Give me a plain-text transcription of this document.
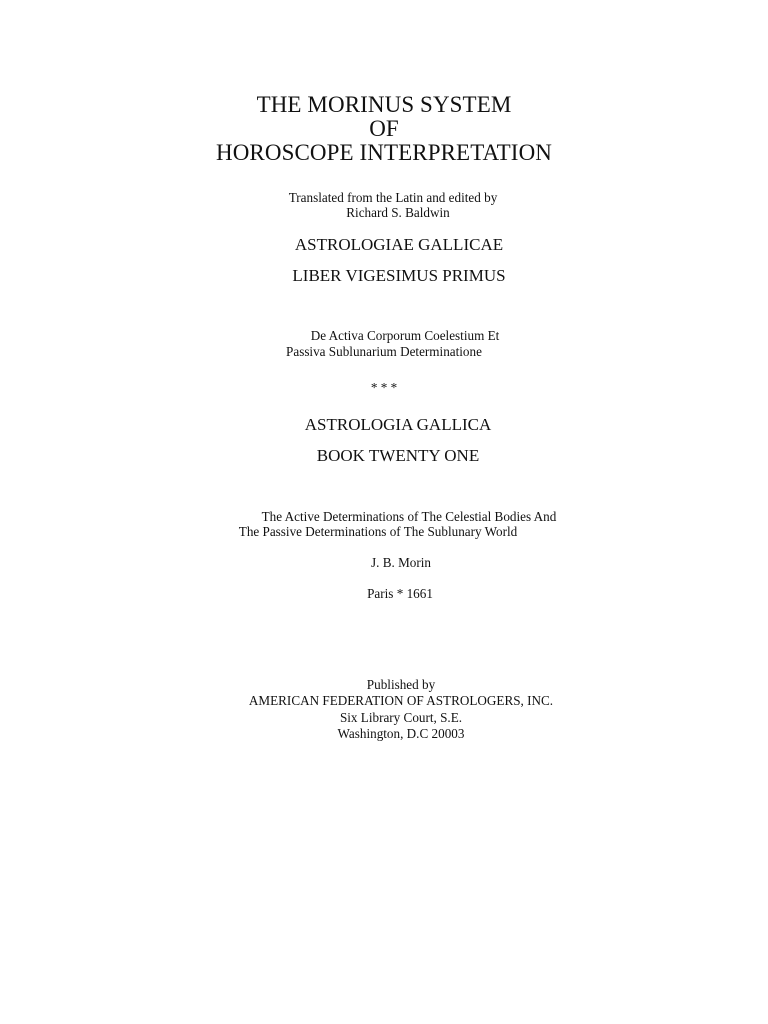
THE MORINUS SYSTEM
OF
HOROSCOPE INTERPRETATION
Translated from the Latin and edited by
Richard S. Baldwin
ASTROLOGIAE GALLICAE
LIBER VIGESIMUS PRIMUS
De Activa Corporum Coelestium Et
Passiva Sublunarium Determinatione
* * *
ASTROLOGIA GALLICA
BOOK TWENTY ONE
The Active Determinations of The Celestial Bodies And
The Passive Determinations of The Sublunary World
J. B. Morin
Paris * 1661
Published by
AMERICAN FEDERATION OF ASTROLOGERS, INC.
Six Library Court, S.E.
Washington, D.C 20003
